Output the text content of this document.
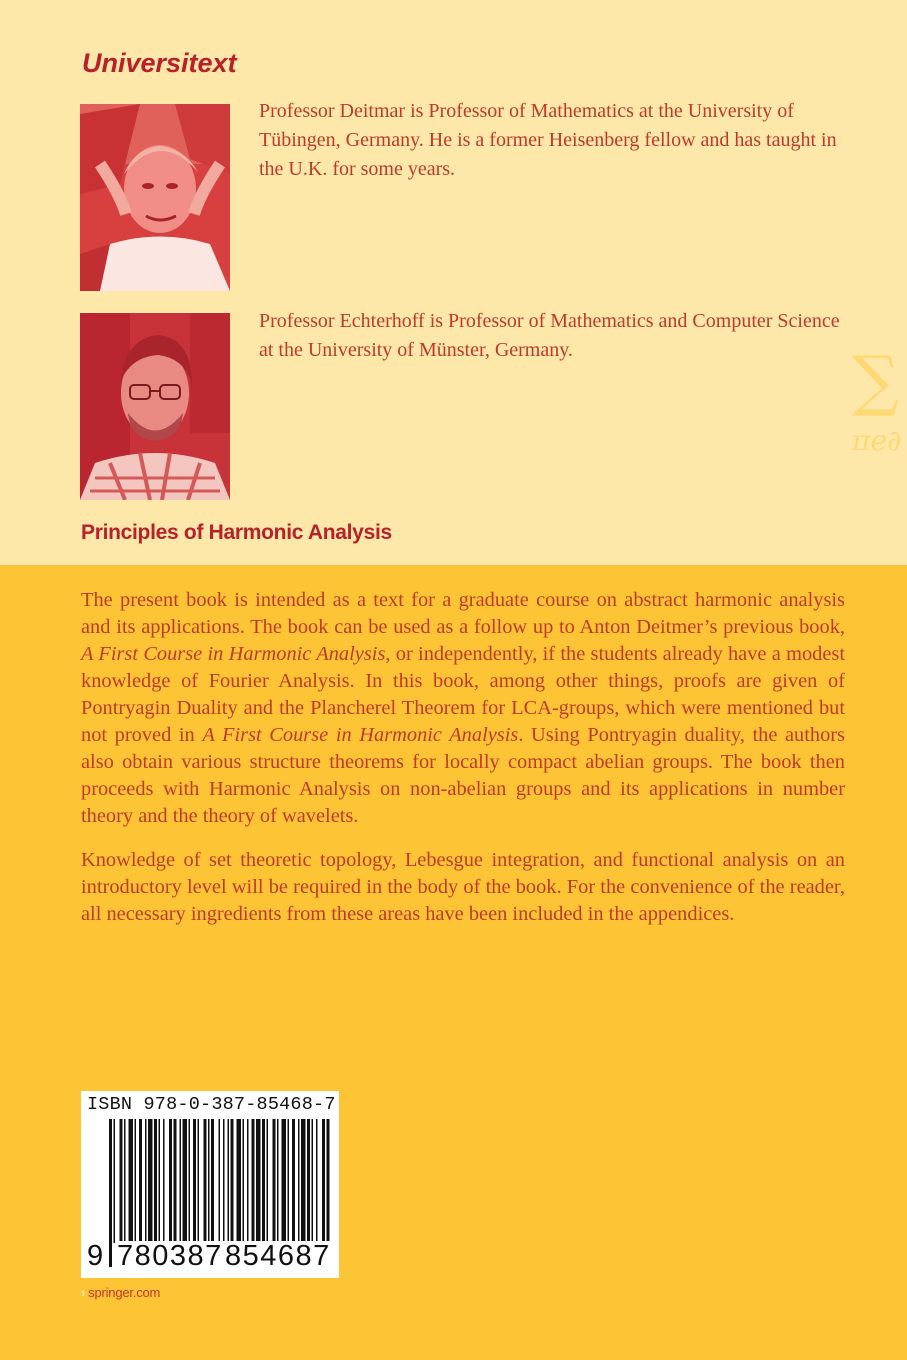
Universitext
Professor Deitmar is Professor of Mathematics at the University of Tübingen, Germany. He is a former Heisenberg fellow and has taught in the U.K. for some years.
Professor Echterhoff is Professor of Mathematics and Computer Science at the University of Münster, Germany.	∑
πe∂
Principles of Harmonic Analysis

The present book is intended as a text for a graduate course on abstract harmonic analysis and its applications. The book can be used as a follow up to Anton Deitmer’s previous book, A First Course in Harmonic Analysis, or independently, if the students already have a modest knowledge of Fourier Analysis. In this book, among other things, proofs are given of Pontryagin Duality and the Plancherel Theorem for LCA-groups, which were mentioned but not proved in A First Course in Harmonic Analysis. Using Pontryagin duality, the authors also obtain various structure theorems for locally compact abelian groups. The book then proceeds with Harmonic Analysis on non-abelian groups and its applications in number theory and the theory of wavelets.

Knowledge of set theoretic topology, Lebesgue integration, and functional analysis on an introductory level will be required in the body of the book. For the convenience of the reader, all necessary ingredients from these areas have been included in the appendices.

ISBN 978-0-387-85468-7
9 780387 854687
› springer.com
